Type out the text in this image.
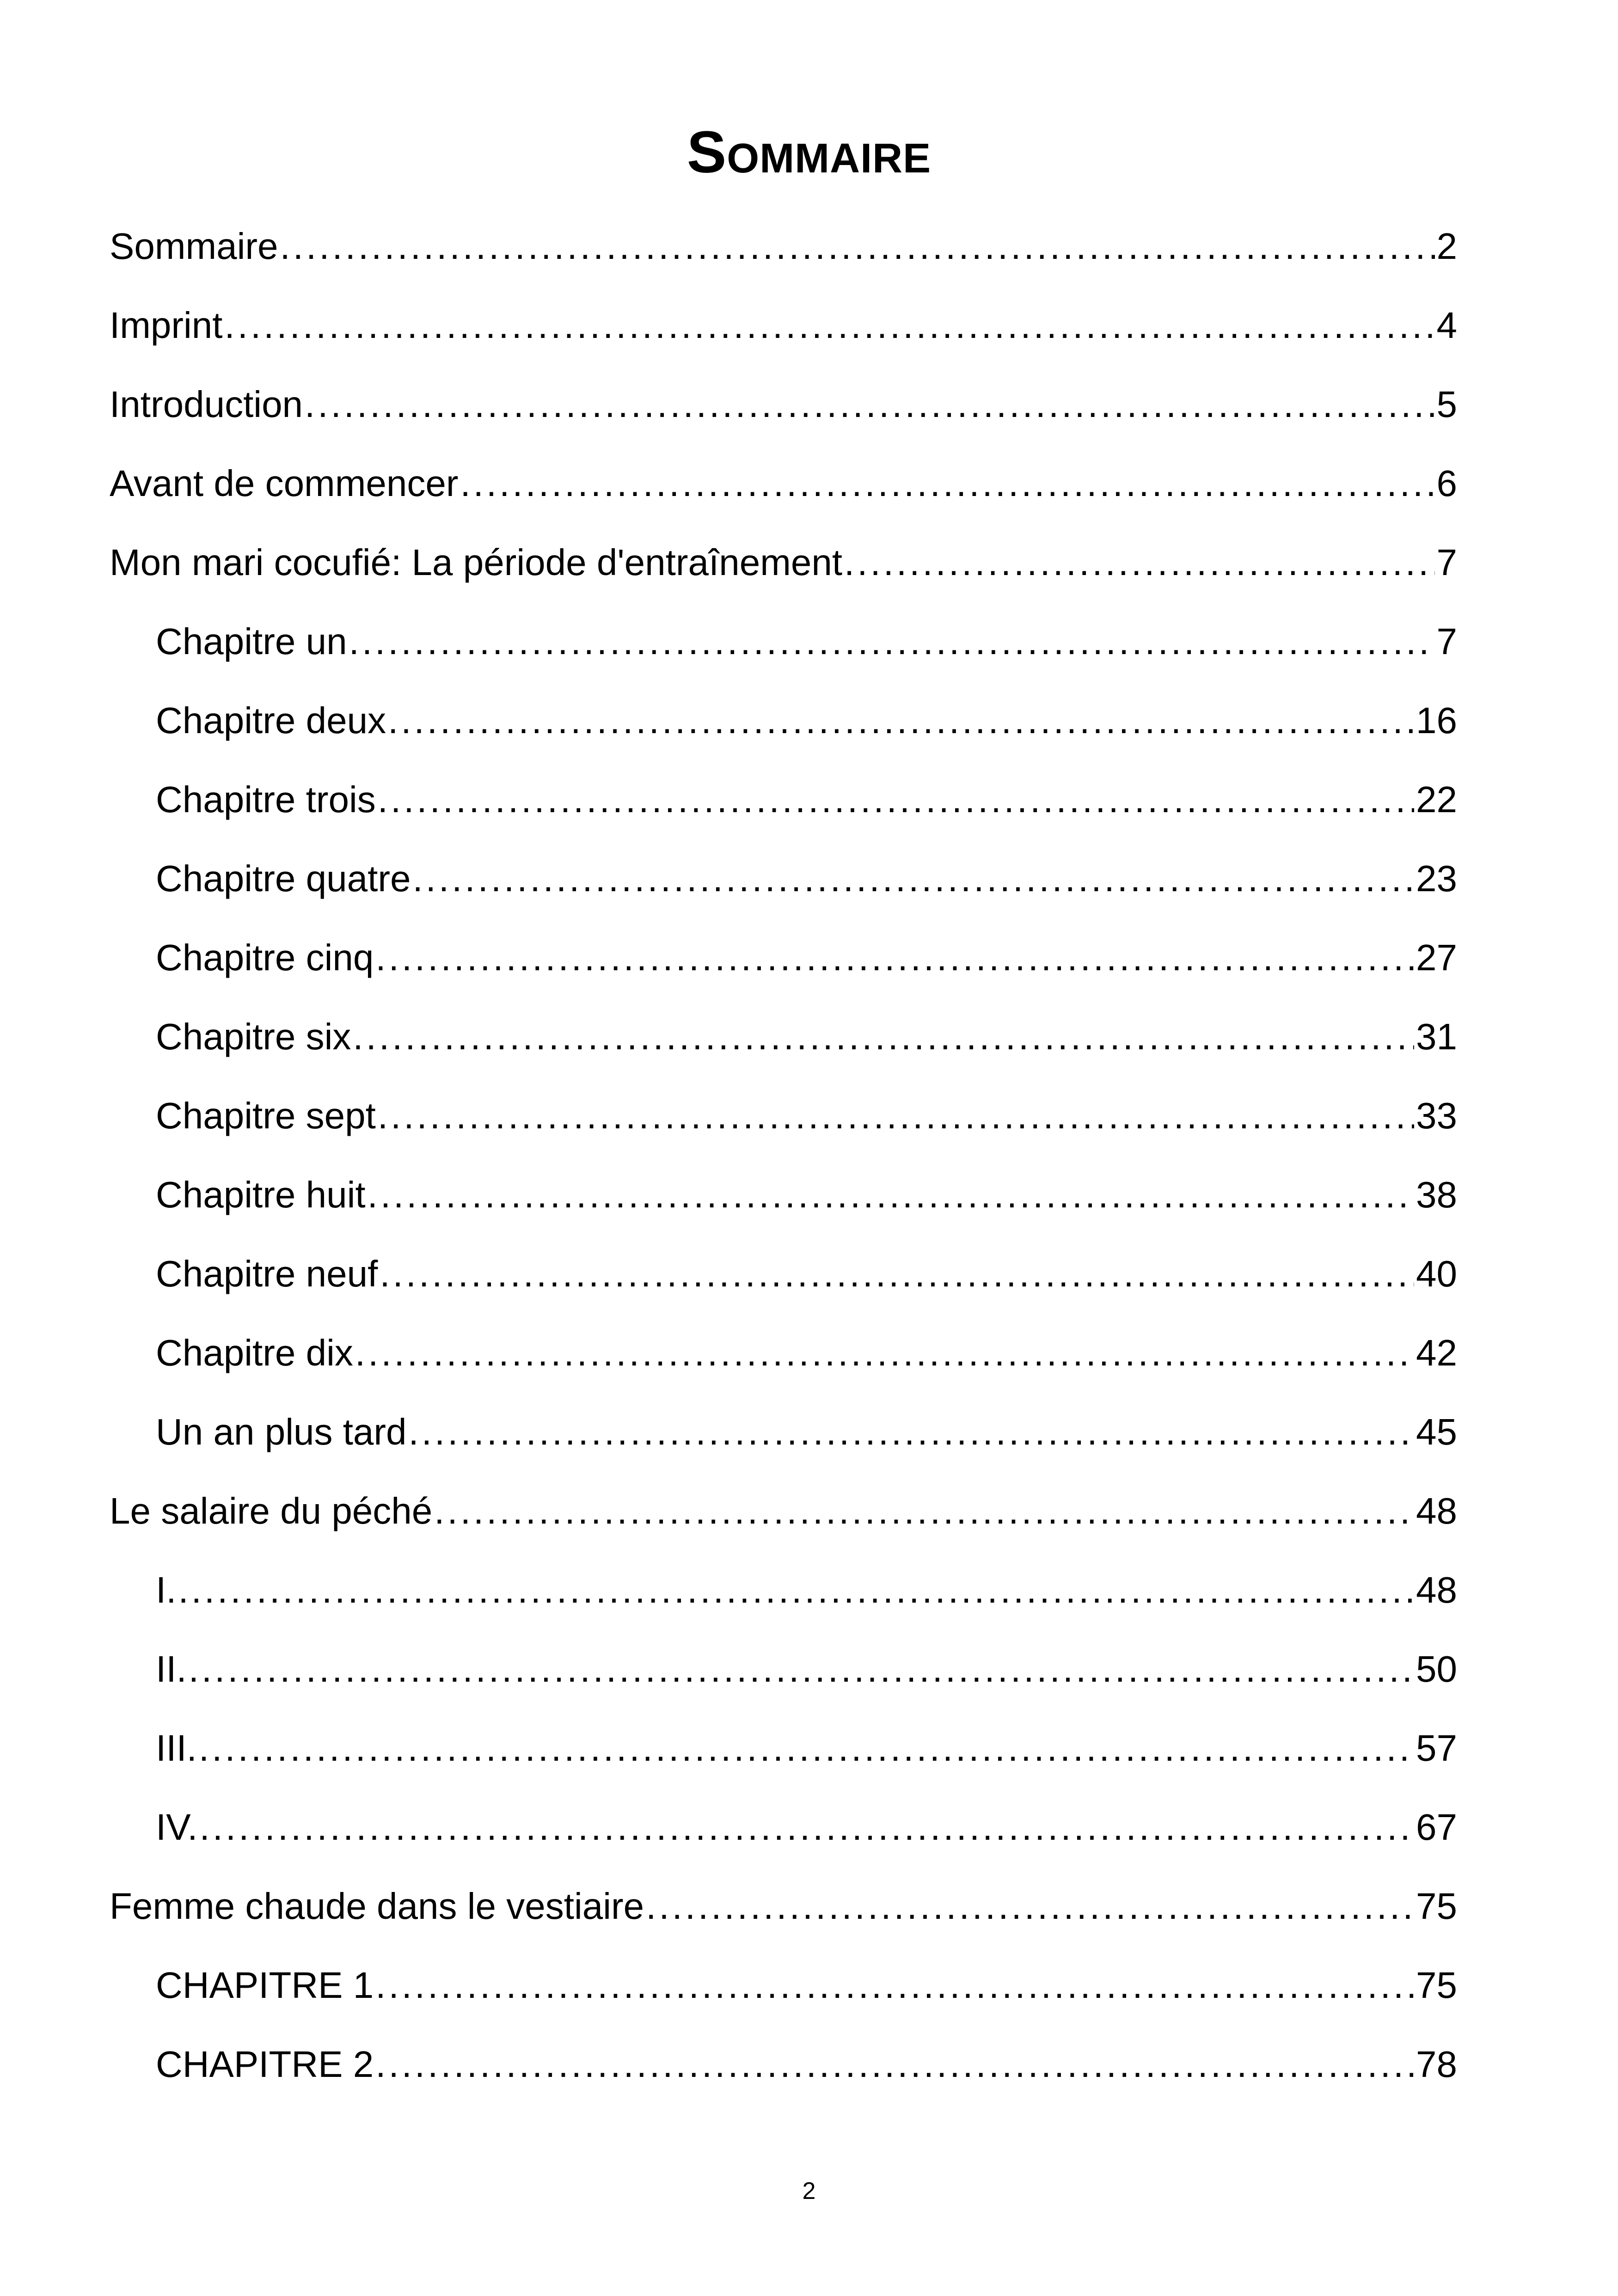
Sommaire
Sommaire .....	2
Imprint .....	4
Introduction .....	5
Avant de commencer .....	6
Mon mari cocufié: La période d'entraînement .....	7
Chapitre un .....	7
Chapitre deux .....	16
Chapitre trois .....	22
Chapitre quatre .....	23
Chapitre cinq .....	27
Chapitre six .....	31
Chapitre sept .....	33
Chapitre huit .....	38
Chapitre neuf .....	40
Chapitre dix .....	42
Un an plus tard .....	45
Le salaire du péché .....	48
I. .....	48
II. .....	50
III. .....	57
IV. .....	67
Femme chaude dans le vestiaire .....	75
CHAPITRE 1 .....	75
CHAPITRE 2 .....	78
2
